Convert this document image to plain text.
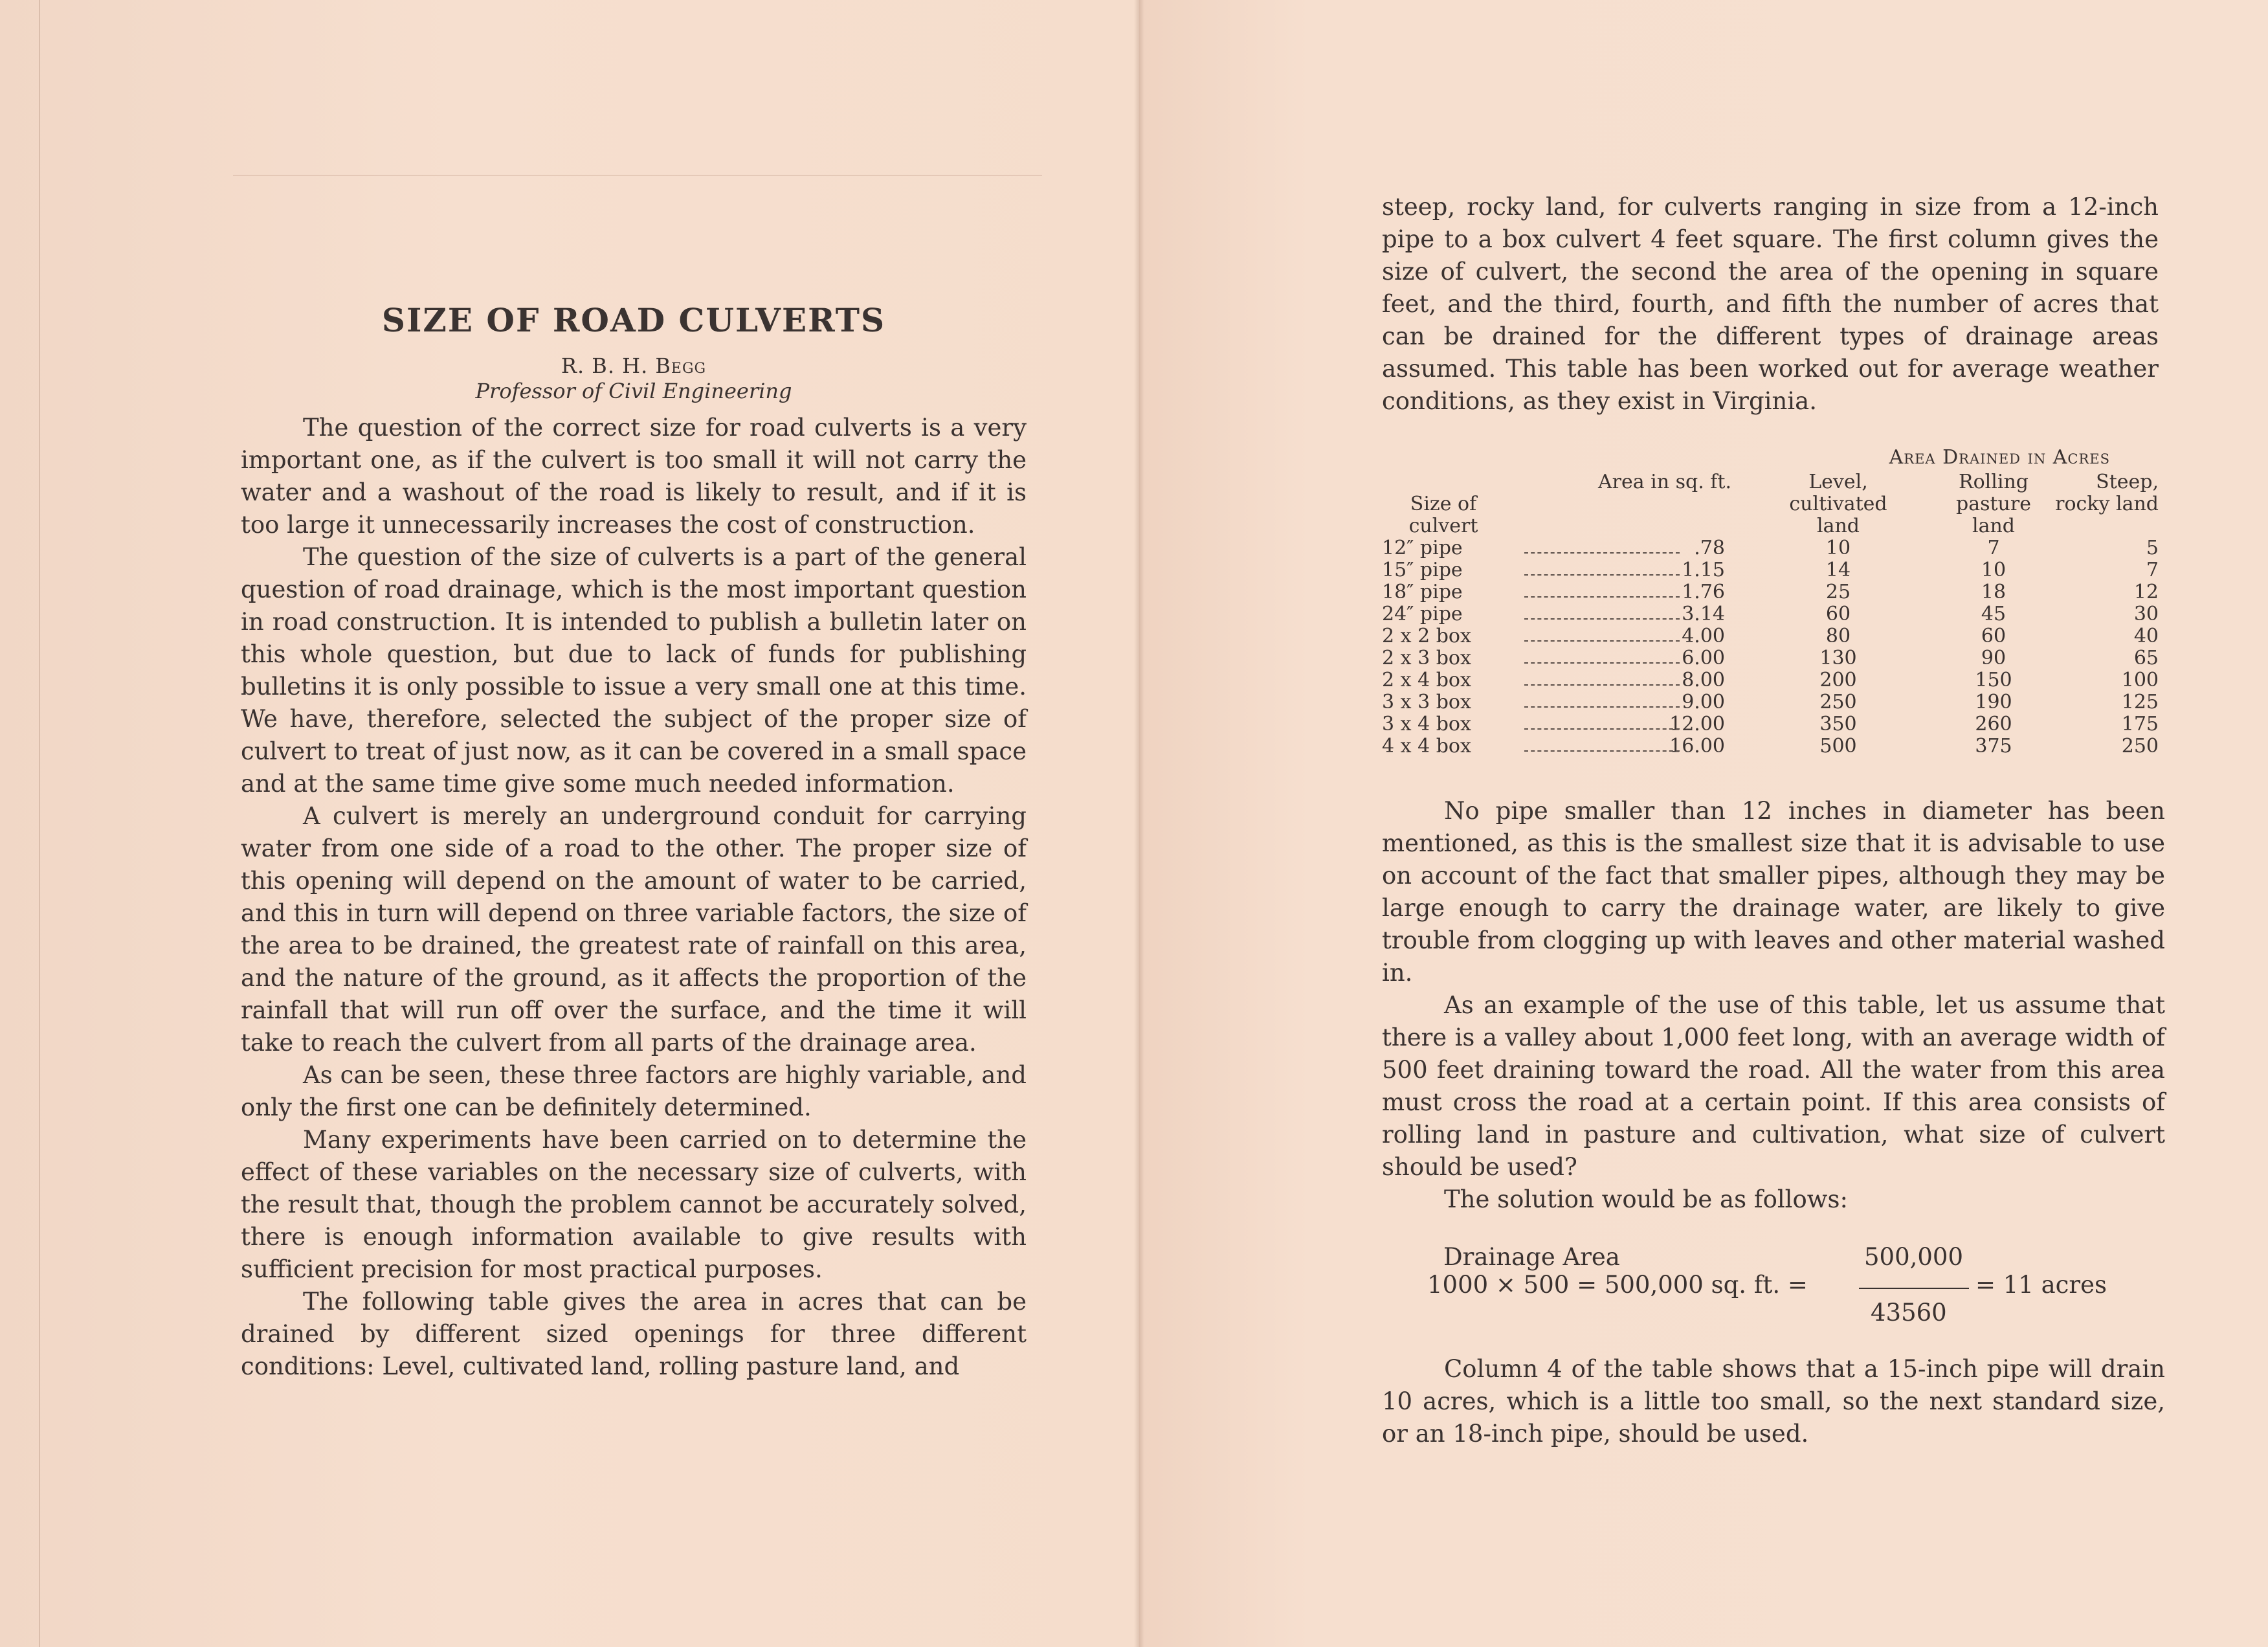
SIZE OF ROAD CULVERTS
R. B. H. Begg
Professor of Civil Engineering

The question of the correct size for road culverts is a very important one, as if the culvert is too small it will not carry the water and a washout of the road is likely to result, and if it is too large it unnecessarily increases the cost of construction.

The question of the size of culverts is a part of the general question of road drainage, which is the most important question in road construction. It is intended to publish a bulletin later on this whole question, but due to lack of funds for publishing bulletins it is only possible to issue a very small one at this time. We have, therefore, selected the subject of the proper size of culvert to treat of just now, as it can be covered in a small space and at the same time give some much needed information.

A culvert is merely an underground conduit for carrying water from one side of a road to the other. The proper size of this opening will depend on the amount of water to be carried, and this in turn will depend on three variable factors, the size of the area to be drained, the greatest rate of rainfall on this area, and the nature of the ground, as it affects the proportion of the rainfall that will run off over the surface, and the time it will take to reach the culvert from all parts of the drainage area.

As can be seen, these three factors are highly variable, and only the first one can be definitely determined.

Many experiments have been carried on to determine the effect of these variables on the necessary size of culverts, with the result that, though the problem cannot be accurately solved, there is enough information available to give results with sufficient precision for most practical purposes.

The following table gives the area in acres that can be drained by different sized openings for three different conditions: Level, cultivated land, rolling pasture land, and

steep, rocky land, for culverts ranging in size from a 12-inch pipe to a box culvert 4 feet square. The first column gives the size of culvert, the second the area of the opening in square feet, and the third, fourth, and fifth the number of acres that can be drained for the different types of drainage areas assumed. This table has been worked out for average weather conditions, as they exist in Virginia.

Area Drained in Acres
Size of culvert
Area in sq. ft.	Level, cultivated land
Rolling pasture land
Steep, rocky land
12″ pipe	.78	10	7	5
15″ pipe	1.15	14	10	7
18″ pipe	1.76	25	18	12
24″ pipe	3.14	60	45	30
2 x 2 box	4.00	80	60	40
2 x 3 box	6.00	130	90	65
2 x 4 box	8.00	200	150	100
3 x 3 box	9.00	250	190	125
3 x 4 box	12.00	350	260	175
4 x 4 box	16.00	500	375	250

No pipe smaller than 12 inches in diameter has been mentioned, as this is the smallest size that it is advisable to use on account of the fact that smaller pipes, although they may be large enough to carry the drainage water, are likely to give trouble from clogging up with leaves and other material washed in.

As an example of the use of this table, let us assume that there is a valley about 1,000 feet long, with an average width of 500 feet draining toward the road. All the water from this area must cross the road at a certain point. If this area consists of rolling land in pasture and cultivation, what size of culvert should be used?

The solution would be as follows:

Drainage Area	500,000
1000 × 500 = 500,000 sq. ft. =	= 11 acres
43560

Column 4 of the table shows that a 15-inch pipe will drain 10 acres, which is a little too small, so the next standard size, or an 18-inch pipe, should be used.
